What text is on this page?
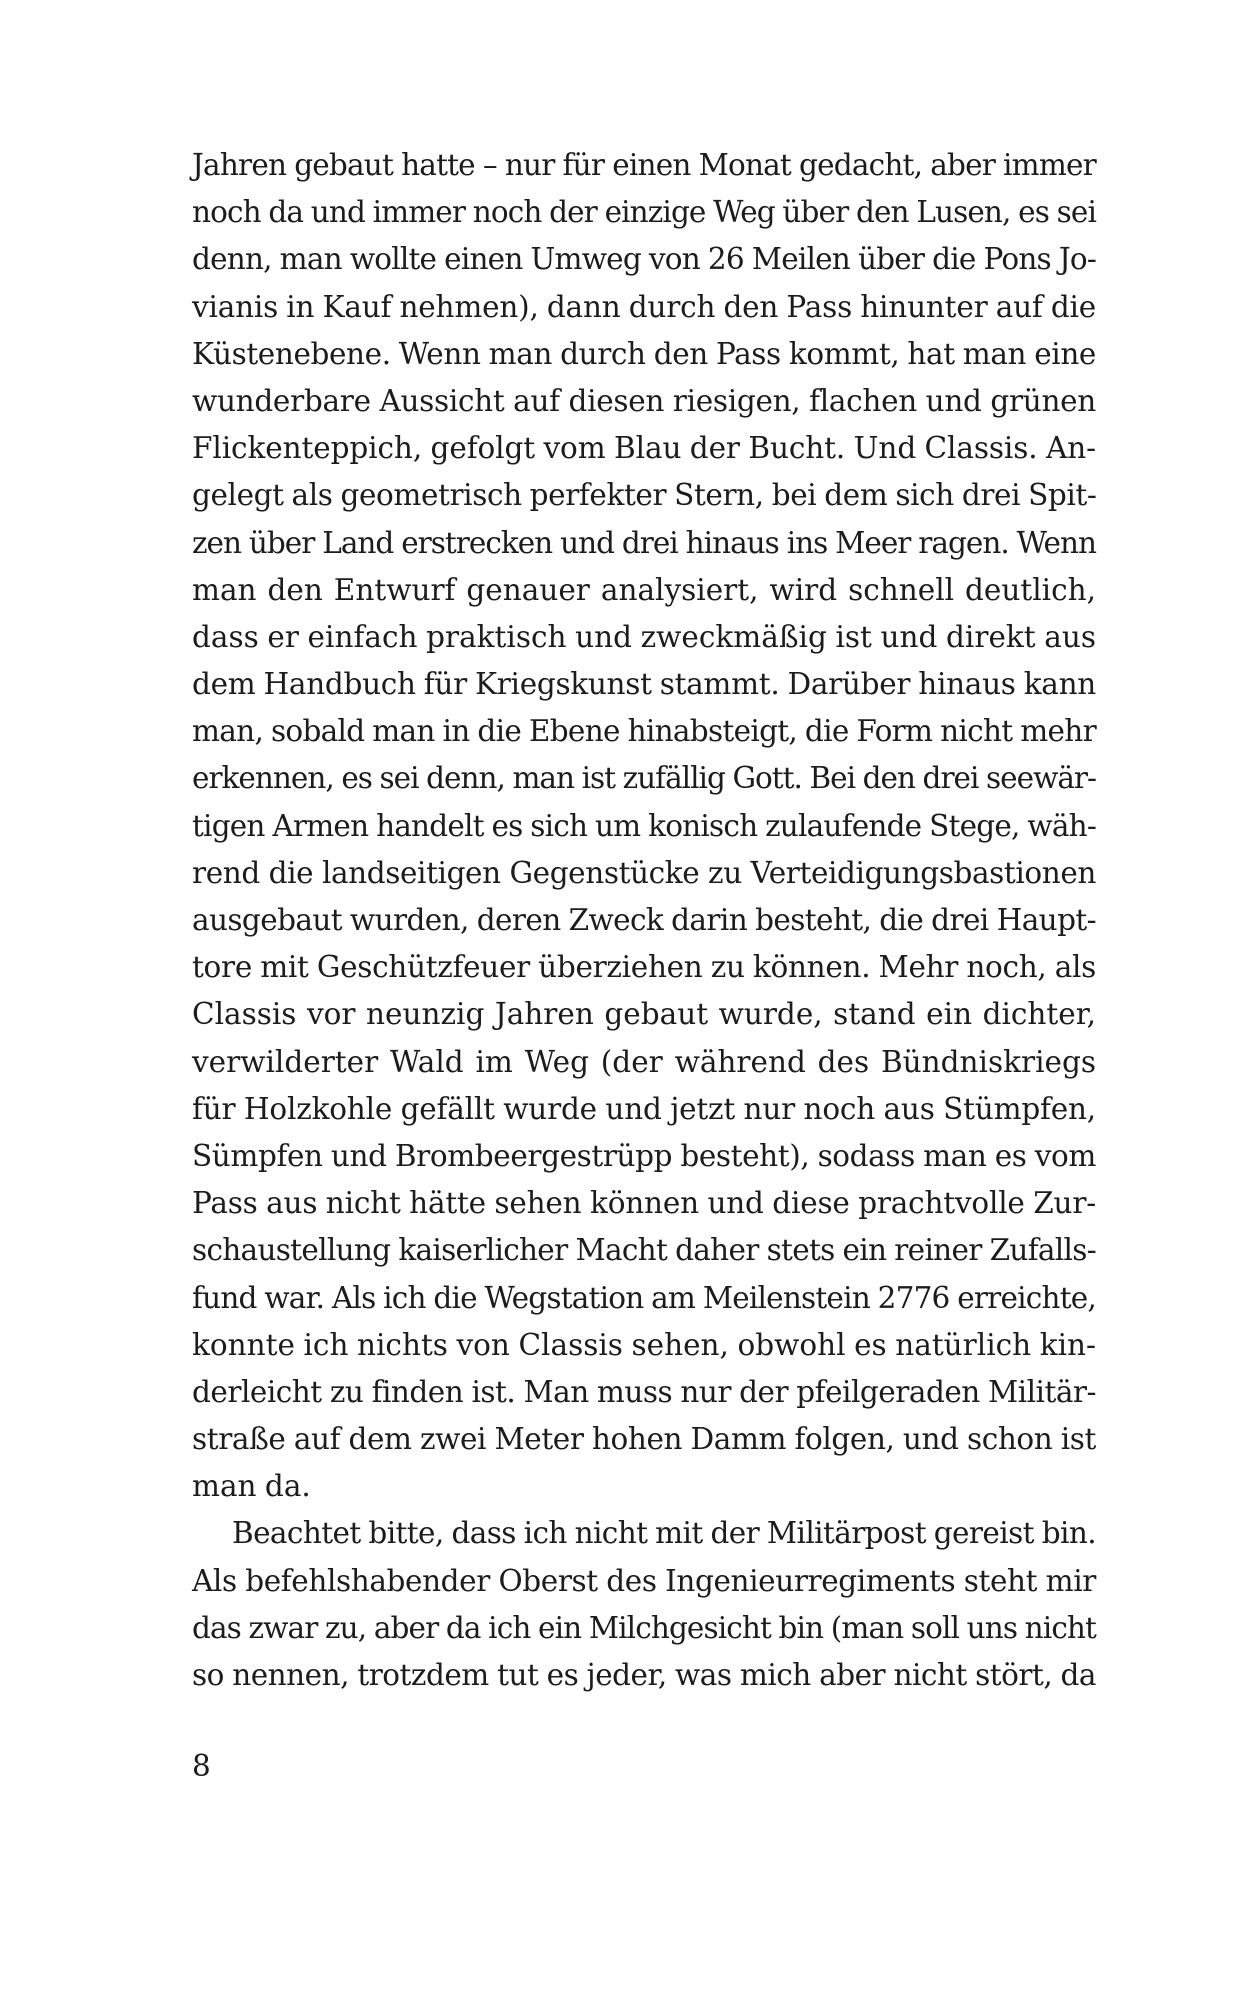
Jahren gebaut hatte – nur für einen Monat gedacht, aber immer
noch da und immer noch der einzige Weg über den Lusen, es sei
denn, man wollte einen Umweg von 26 Meilen über die Pons Jo-
vianis in Kauf nehmen), dann durch den Pass hinunter auf die
Küstenebene. Wenn man durch den Pass kommt, hat man eine
wunderbare Aussicht auf diesen riesigen, flachen und grünen
Flickenteppich, gefolgt vom Blau der Bucht. Und Classis. An-
gelegt als geometrisch perfekter Stern, bei dem sich drei Spit-
zen über Land erstrecken und drei hinaus ins Meer ragen. Wenn
man den Entwurf genauer analysiert, wird schnell deutlich,
dass er einfach praktisch und zweckmäßig ist und direkt aus
dem Handbuch für Kriegskunst stammt. Darüber hinaus kann
man, sobald man in die Ebene hinabsteigt, die Form nicht mehr
erkennen, es sei denn, man ist zufällig Gott. Bei den drei seewär-
tigen Armen handelt es sich um konisch zulaufende Stege, wäh-
rend die landseitigen Gegenstücke zu Verteidigungsbastionen
ausgebaut wurden, deren Zweck darin besteht, die drei Haupt-
tore mit Geschützfeuer überziehen zu können. Mehr noch, als
Classis vor neunzig Jahren gebaut wurde, stand ein dichter,
verwilderter Wald im Weg (der während des Bündniskriegs
für Holzkohle gefällt wurde und jetzt nur noch aus Stümpfen,
Sümpfen und Brombeergestrüpp besteht), sodass man es vom
Pass aus nicht hätte sehen können und diese prachtvolle Zur-
schaustellung kaiserlicher Macht daher stets ein reiner Zufalls-
fund war. Als ich die Wegstation am Meilenstein 2776 erreichte,
konnte ich nichts von Classis sehen, obwohl es natürlich kin-
derleicht zu finden ist. Man muss nur der pfeilgeraden Militär-
straße auf dem zwei Meter hohen Damm folgen, und schon ist
man da.
Beachtet bitte, dass ich nicht mit der Militärpost gereist bin.
Als befehlshabender Oberst des Ingenieurregiments steht mir
das zwar zu, aber da ich ein Milchgesicht bin (man soll uns nicht
so nennen, trotzdem tut es jeder, was mich aber nicht stört, da
8
